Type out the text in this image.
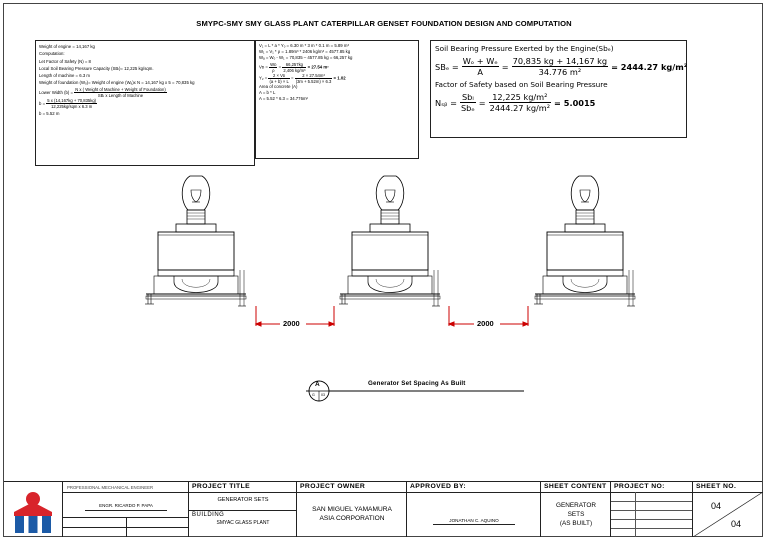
SMYPC-SMY SMY GLASS PLANT CATERPILLAR GENSET FOUNDATION DESIGN AND COMPUTATION
Weight of engine = 14,167 kg
Computation:
Let Factor of Safety (N) = 8
Local Soil Bearing Pressure Capacity (SBₗ)= 12,225 kg/sqm.
Length of machine = 6.3 m
Weight of foundation (Wₒ)= Weight of engine (Wₑ)x N = 14,167 kg x 5 = 70,835 kg
Lower Width $(b) = \frac{\text{N x ( Weight of Machine + Weight of Foundation)}}{\text{SBₗ x Length of Machine}}$
$b = \frac{5 x (14,167kg + 70,835kg)}{\text{12,225kg/sqm x 6.3 m}}$
b = 5.52 m
V₁ = L * a * Yₒ = 6.30 m * 3 m * 0.1 m = 5.89 m³
W₁ = V₁ * ρ = 1.89m³ * 2406 kg/m³ = 4577.85 kg
Wₐ = Wₒ - W₁ = 70,835 – 4577.85 kg = 66,257 kg
Vᴅ = $\frac{\text{Wᴅ}}{\rho} = \frac{66,257kg}{\text{2,406 kg/m³}} = 27.54$ m³
$Y_2 = \frac{\text{2 × Vᴅ}}{(a + b) \times L} = \frac{\text{2 × 27.54m³}}{(3m + 5.52m) \times 6.3} = 1.02$
Area of concrete (A)
A = b * L
A = 5.52 * 6.3 = 34.776m²
Soil Bearing Pressure Exerted by the Engine(Sbₑ)
$SB_e = \frac{\text{Wₒ + Wₑ}}{A} = \frac{70,835 kg + 14,167 kg}{\text{34.776 m²}} = 2444.27$ kg/m²
Factor of Safety based on Soil Bearing Pressure
Nₛᵦ = $\frac{\text{Sbₗ}}{\text{Sbₑ}} = \frac{\text{12,225 kg/m²}}{\text{2444.27 kg/m²}} = 5.0015$
2000	2000
A
G 03
Generator Set Spacing As Built
PROFESSIONAL MECHANICAL ENGINEER
ENGR. RICARDO P. PAPA
PROJECT TITLE
GENERATOR SETS
BUILDING
SMYAC GLASS PLANT
PROJECT OWNER
SAN MIGUEL YAMAMURA
ASIA CORPORATION
APPROVED BY:
JONATHAN C. AQUINO
SHEET CONTENT
GENERATOR
SETS
(AS BUILT)
PROJECT NO:	SHEET NO.
04
04
